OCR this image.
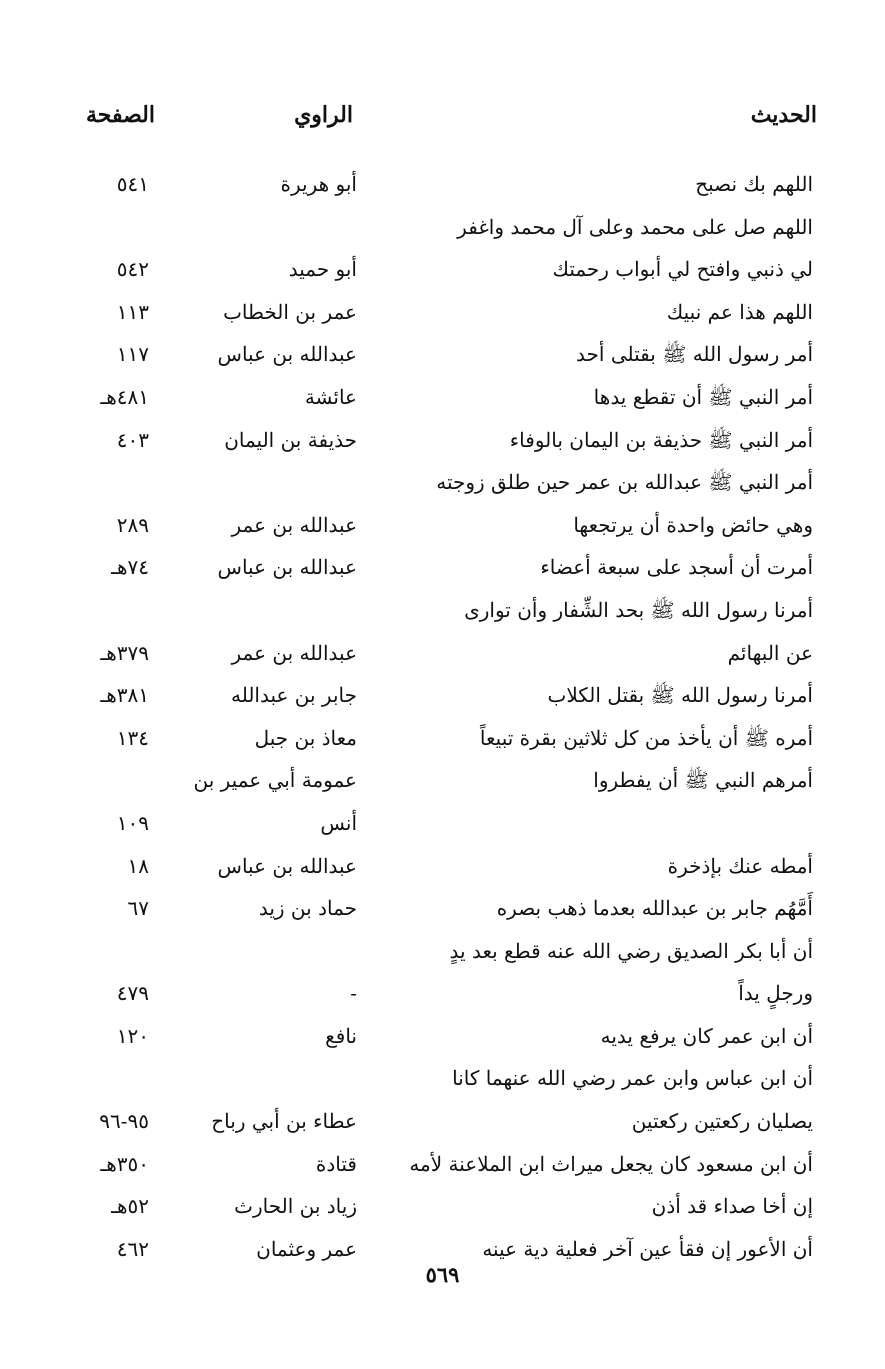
الحديث
الراوي
الصفحة
اللهم بك نصبح
أبو هريرة
٥٤١
اللهم صل على محمد وعلى آل محمد واغفر
لي ذنبي وافتح لي أبواب رحمتك
أبو حميد
٥٤٢
اللهم هذا عم نبيك
عمر بن الخطاب
١١٣
أمر رسول الله ﷺ بقتلى أحد
عبدالله بن عباس
١١٧
أمر النبي ﷺ أن تقطع يدها
عائشة
٤٨١هـ
أمر النبي ﷺ حذيفة بن اليمان بالوفاء
حذيفة بن اليمان
٤٠٣
أمر النبي ﷺ عبدالله بن عمر حين طلق زوجته
وهي حائض واحدة أن يرتجعها
عبدالله بن عمر
٢٨٩
أمرت أن أسجد على سبعة أعضاء
عبدالله بن عباس
٧٤هـ
أمرنا رسول الله ﷺ بحد الشِّفار وأن توارى
عن البهائم
عبدالله بن عمر
٣٧٩هـ
أمرنا رسول الله ﷺ بقتل الكلاب
جابر بن عبدالله
٣٨١هـ
أمره ﷺ أن يأخذ من كل ثلاثين بقرة تبيعاً
معاذ بن جبل
١٣٤
أمرهم النبي ﷺ أن يفطروا
عمومة أبي عمير بن
أنس
١٠٩
أمطه عنك بإذخرة
عبدالله بن عباس
١٨
أَمَّهُم جابر بن عبدالله بعدما ذهب بصره
حماد بن زيد
٦٧
أن أبا بكر الصديق رضي الله عنه قطع بعد يدٍ
ورجلٍ يداً
-
٤٧٩
أن ابن عمر كان يرفع يديه
نافع
١٢٠
أن ابن عباس وابن عمر رضي الله عنهما كانا
يصليان ركعتين ركعتين
عطاء بن أبي رباح
٩٥-٩٦
أن ابن مسعود كان يجعل ميراث ابن الملاعنة لأمه
قتادة
٣٥٠هـ
إن أخا صداء قد أذن
زياد بن الحارث
٥٢هـ
أن الأعور إن فقأ عين آخر فعلية دية عينه
عمر وعثمان
٤٦٢
٥٦٩
